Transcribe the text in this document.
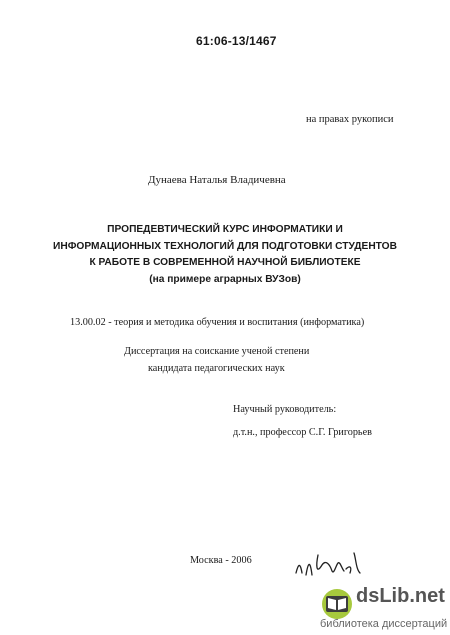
61:06-13/1467
на правах рукописи
Дунаева Наталья Владичевна
ПРОПЕДЕВТИЧЕСКИЙ КУРС ИНФОРМАТИКИ И
ИНФОРМАЦИОННЫХ ТЕХНОЛОГИЙ ДЛЯ ПОДГОТОВКИ СТУДЕНТОВ
К РАБОТЕ В СОВРЕМЕННОЙ НАУЧНОЙ БИБЛИОТЕКЕ
(на примере аграрных ВУЗов)
13.00.02 - теория и методика обучения и воспитания (информатика)
Диссертация на соискание ученой степени
кандидата педагогических наук
Научный руководитель:
д.т.н., профессор С.Г. Григорьев
Москва - 2006
dsLib.net
библиотека диссертаций
